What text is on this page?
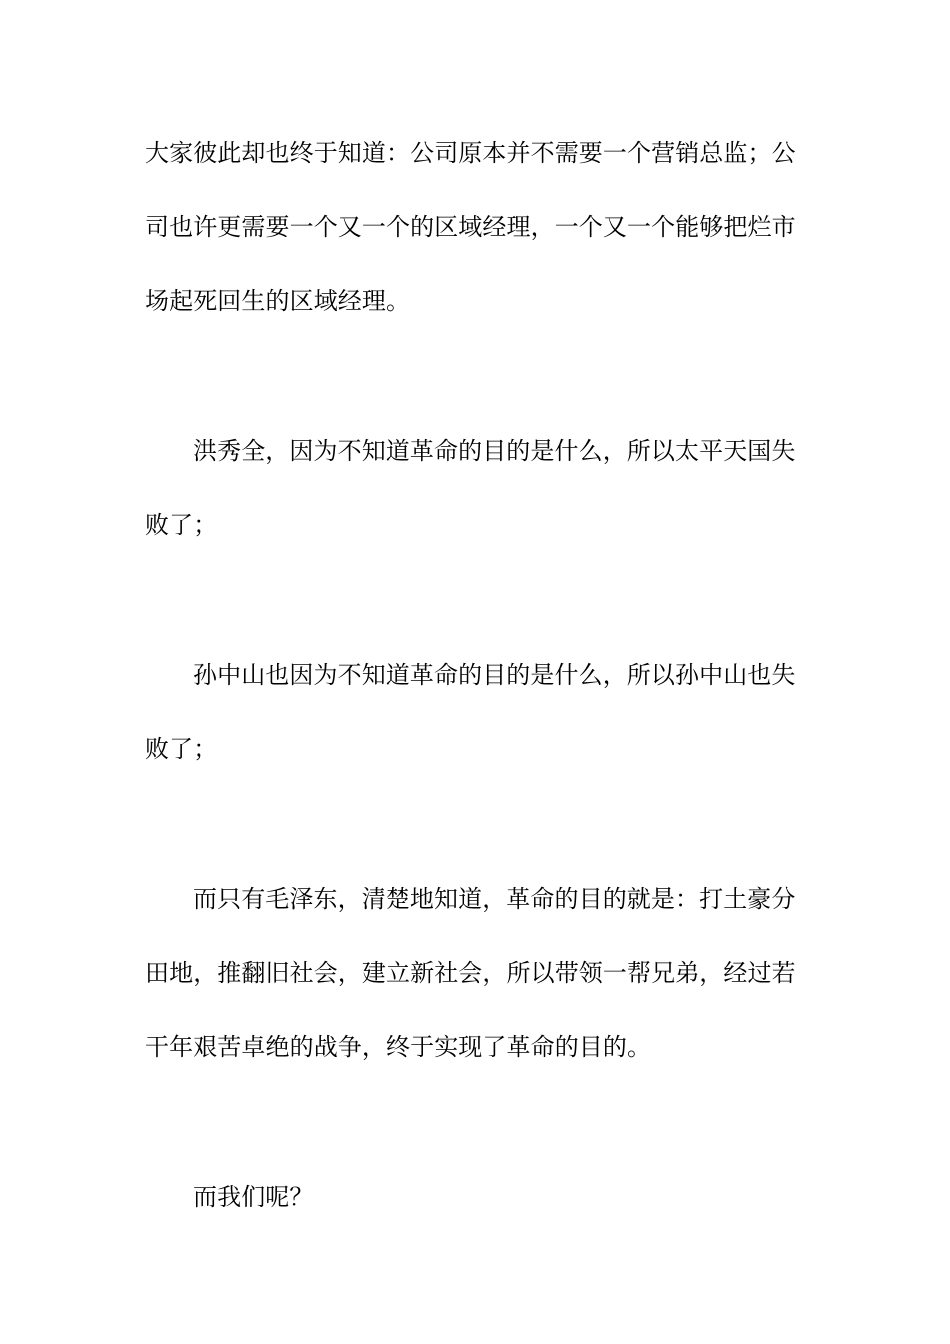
大家彼此却也终于知道：公司原本并不需要一个营销总监；公
司也许更需要一个又一个的区域经理，一个又一个能够把烂市
场起死回生的区域经理。
洪秀全，因为不知道革命的目的是什么，所以太平天国失
败了；
孙中山也因为不知道革命的目的是什么，所以孙中山也失
败了；
而只有毛泽东，清楚地知道，革命的目的就是：打土豪分
田地，推翻旧社会，建立新社会，所以带领一帮兄弟，经过若
干年艰苦卓绝的战争，终于实现了革命的目的。
而我们呢？
